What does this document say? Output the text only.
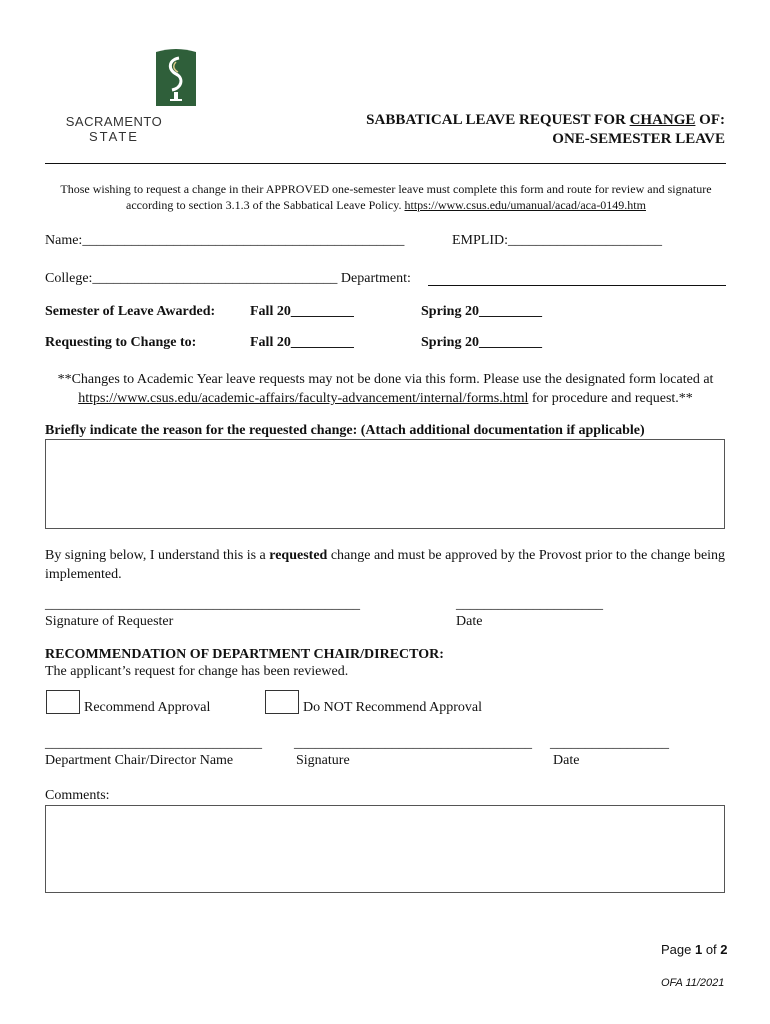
SACRAMENTO
STATE
SABBATICAL LEAVE REQUEST FOR CHANGE OF:
ONE-SEMESTER LEAVE
Those wishing to request a change in their APPROVED one-semester leave must complete this form and route for review and signature according to section 3.1.3 of the Sabbatical Leave Policy. https://www.csus.edu/umanual/acad/aca-0149.htm
Name:______________________________________________	EMPLID:______________________
College:___________________________________ Department:
Semester of Leave Awarded: Fall 20_________	Spring 20_________
Requesting to Change to:	Fall 20_________	Spring 20_________
**Changes to Academic Year leave requests may not be done via this form. Please use the designated form located at
https://www.csus.edu/academic-affairs/faculty-advancement/internal/forms.html for procedure and request.**
Briefly indicate the reason for the requested change: (Attach additional documentation if applicable)
By signing below, I understand this is a requested change and must be approved by the Provost prior to the change being implemented.
_____________________________________________
Signature of Requester
_____________________
Date
RECOMMENDATION OF DEPARTMENT CHAIR/DIRECTOR:
The applicant’s request for change has been reviewed.
Recommend Approval	Do NOT Recommend Approval
_______________________________ __________________________________ _________________
Department Chair/Director Name	Signature	Date
Comments:
Page 1 of 2
OFA 11/2021
